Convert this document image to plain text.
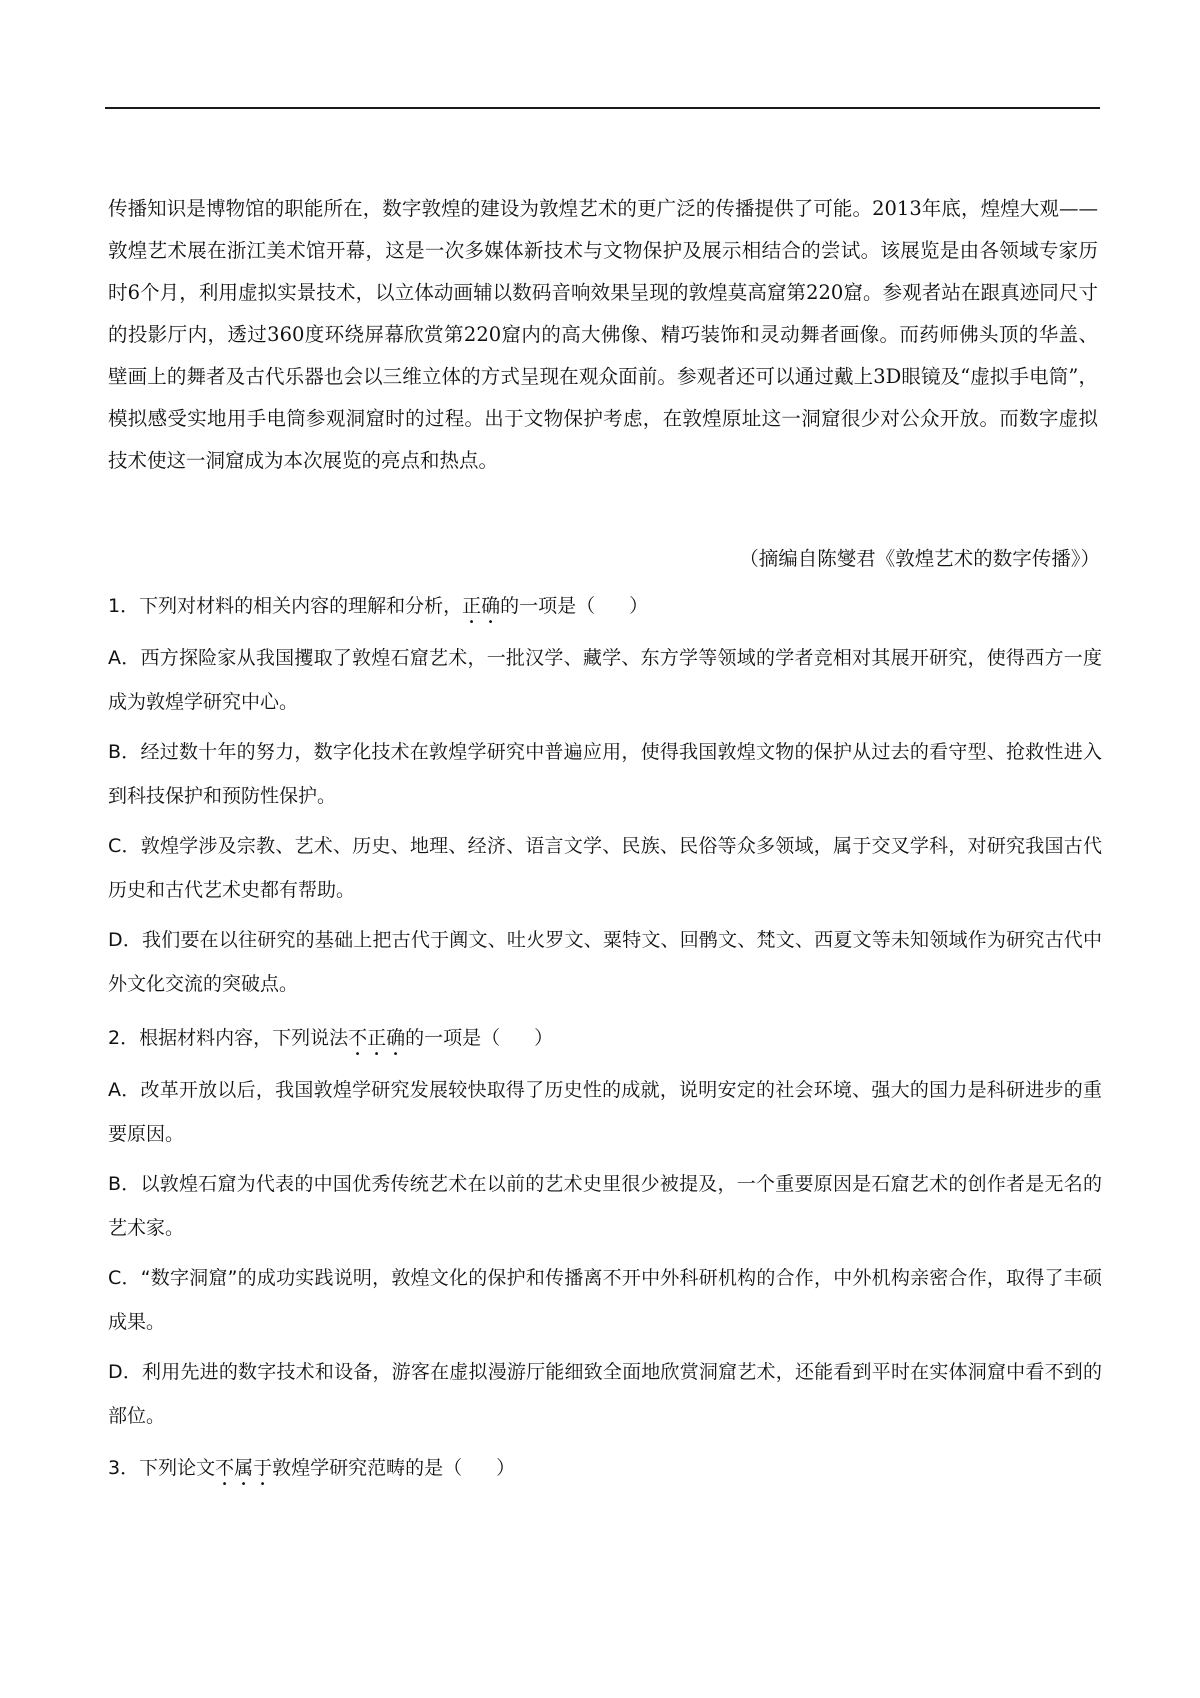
传播知识是博物馆的职能所在，数字敦煌的建设为敦煌艺术的更广泛的传播提供了可能。2013年底，煌煌大观——敦煌艺术展在浙江美术馆开幕，这是一次多媒体新技术与文物保护及展示相结合的尝试。该展览是由各领域专家历时6个月，利用虚拟实景技术，以立体动画辅以数码音响效果呈现的敦煌莫高窟第220窟。参观者站在跟真迹同尺寸的投影厅内，透过360度环绕屏幕欣赏第220窟内的高大佛像、精巧装饰和灵动舞者画像。而药师佛头顶的华盖、壁画上的舞者及古代乐器也会以三维立体的方式呈现在观众面前。参观者还可以通过戴上3D眼镜及“虚拟手电筒”，模拟感受实地用手电筒参观洞窟时的过程。出于文物保护考虑，在敦煌原址这一洞窟很少对公众开放。而数字虚拟技术使这一洞窟成为本次展览的亮点和热点。

（摘编自陈燮君《敦煌艺术的数字传播》）

1．下列对材料的相关内容的理解和分析，正确的一项是（ ）

A．西方探险家从我国攫取了敦煌石窟艺术，一批汉学、藏学、东方学等领域的学者竞相对其展开研究，使得西方一度成为敦煌学研究中心。

B．经过数十年的努力，数字化技术在敦煌学研究中普遍应用，使得我国敦煌文物的保护从过去的看守型、抢救性进入到科技保护和预防性保护。

C．敦煌学涉及宗教、艺术、历史、地理、经济、语言文学、民族、民俗等众多领域，属于交叉学科，对研究我国古代历史和古代艺术史都有帮助。

D．我们要在以往研究的基础上把古代于阗文、吐火罗文、粟特文、回鹘文、梵文、西夏文等未知领域作为研究古代中外文化交流的突破点。

2．根据材料内容，下列说法不正确的一项是（ ）

A．改革开放以后，我国敦煌学研究发展较快取得了历史性的成就，说明安定的社会环境、强大的国力是科研进步的重要原因。

B．以敦煌石窟为代表的中国优秀传统艺术在以前的艺术史里很少被提及，一个重要原因是石窟艺术的创作者是无名的艺术家。

C．“数字洞窟”的成功实践说明，敦煌文化的保护和传播离不开中外科研机构的合作，中外机构亲密合作，取得了丰硕成果。

D．利用先进的数字技术和设备，游客在虚拟漫游厅能细致全面地欣赏洞窟艺术，还能看到平时在实体洞窟中看不到的部位。

3．下列论文不属于敦煌学研究范畴的是（ ）
